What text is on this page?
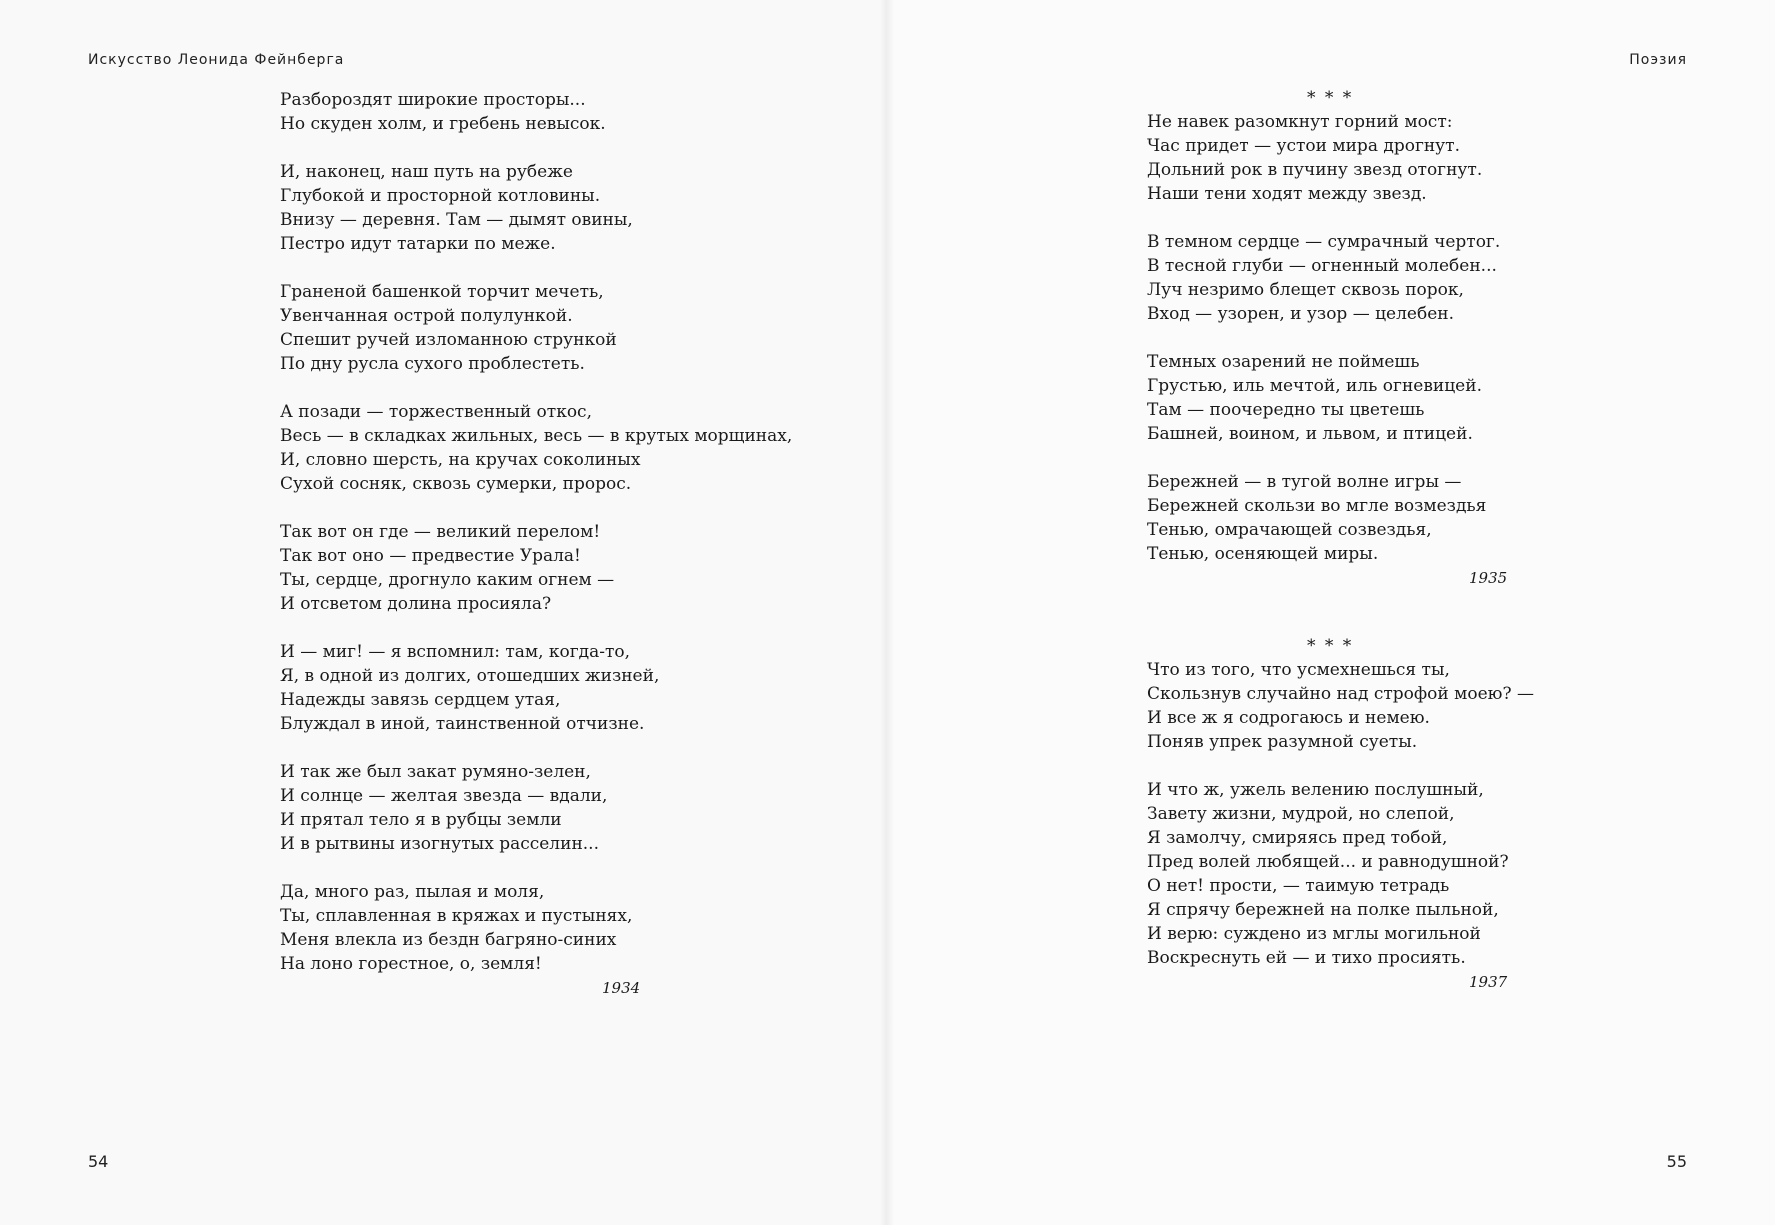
Искусство Леонида Фейнберга
Разбороздят широкие просторы...
Но скуден холм, и гребень невысок.
И, наконец, наш путь на рубеже
Глубокой и просторной котловины.
Внизу — деревня. Там — дымят овины,
Пестро идут татарки по меже.
Граненой башенкой торчит мечеть,
Увенчанная острой полулункой.
Спешит ручей изломанною стрункой
По дну русла сухого проблестеть.
А позади — торжественный откос,
Весь — в складках жильных, весь — в крутых морщинах,
И, словно шерсть, на кручах соколиных
Сухой сосняк, сквозь сумерки, пророс.
Так вот он где — великий перелом!
Так вот оно — предвестие Урала!
Ты, сердце, дрогнуло каким огнем —
И отсветом долина просияла?
И — миг! — я вспомнил: там, когда-то,
Я, в одной из долгих, отошедших жизней,
Надежды завязь сердцем утая,
Блуждал в иной, таинственной отчизне.
И так же был закат румяно-зелен,
И солнце — желтая звезда — вдали,
И прятал тело я в рубцы земли
И в рытвины изогнутых расселин...
Да, много раз, пылая и моля,
Ты, сплавленная в кряжах и пустынях,
Меня влекла из бездн багряно-синих
На лоно горестное, о, земля!
1934
54
Поэзия
* * *
Не навек разомкнут горний мост:
Час придет — устои мира дрогнут.
Дольний рок в пучину звезд отогнут.
Наши тени ходят между звезд.
В темном сердце — сумрачный чертог.
В тесной глуби — огненный молебен...
Луч незримо блещет сквозь порок,
Вход — узорен, и узор — целебен.
Темных озарений не поймешь
Грустью, иль мечтой, иль огневицей.
Там — поочередно ты цветешь
Башней, воином, и львом, и птицей.
Бережней — в тугой волне игры —
Бережней скользи во мгле возмездья
Тенью, омрачающей созвездья,
Тенью, осеняющей миры.
1935
* * *
Что из того, что усмехнешься ты,
Скользнув случайно над строфой моею? —
И все ж я содрогаюсь и немею.
Поняв упрек разумной суеты.
И что ж, ужель велению послушный,
Завету жизни, мудрой, но слепой,
Я замолчу, смиряясь пред тобой,
Пред волей любящей... и равнодушной?
О нет! прости, — таимую тетрадь
Я спрячу бережней на полке пыльной,
И верю: суждено из мглы могильной
Воскреснуть ей — и тихо просиять.
1937
55
